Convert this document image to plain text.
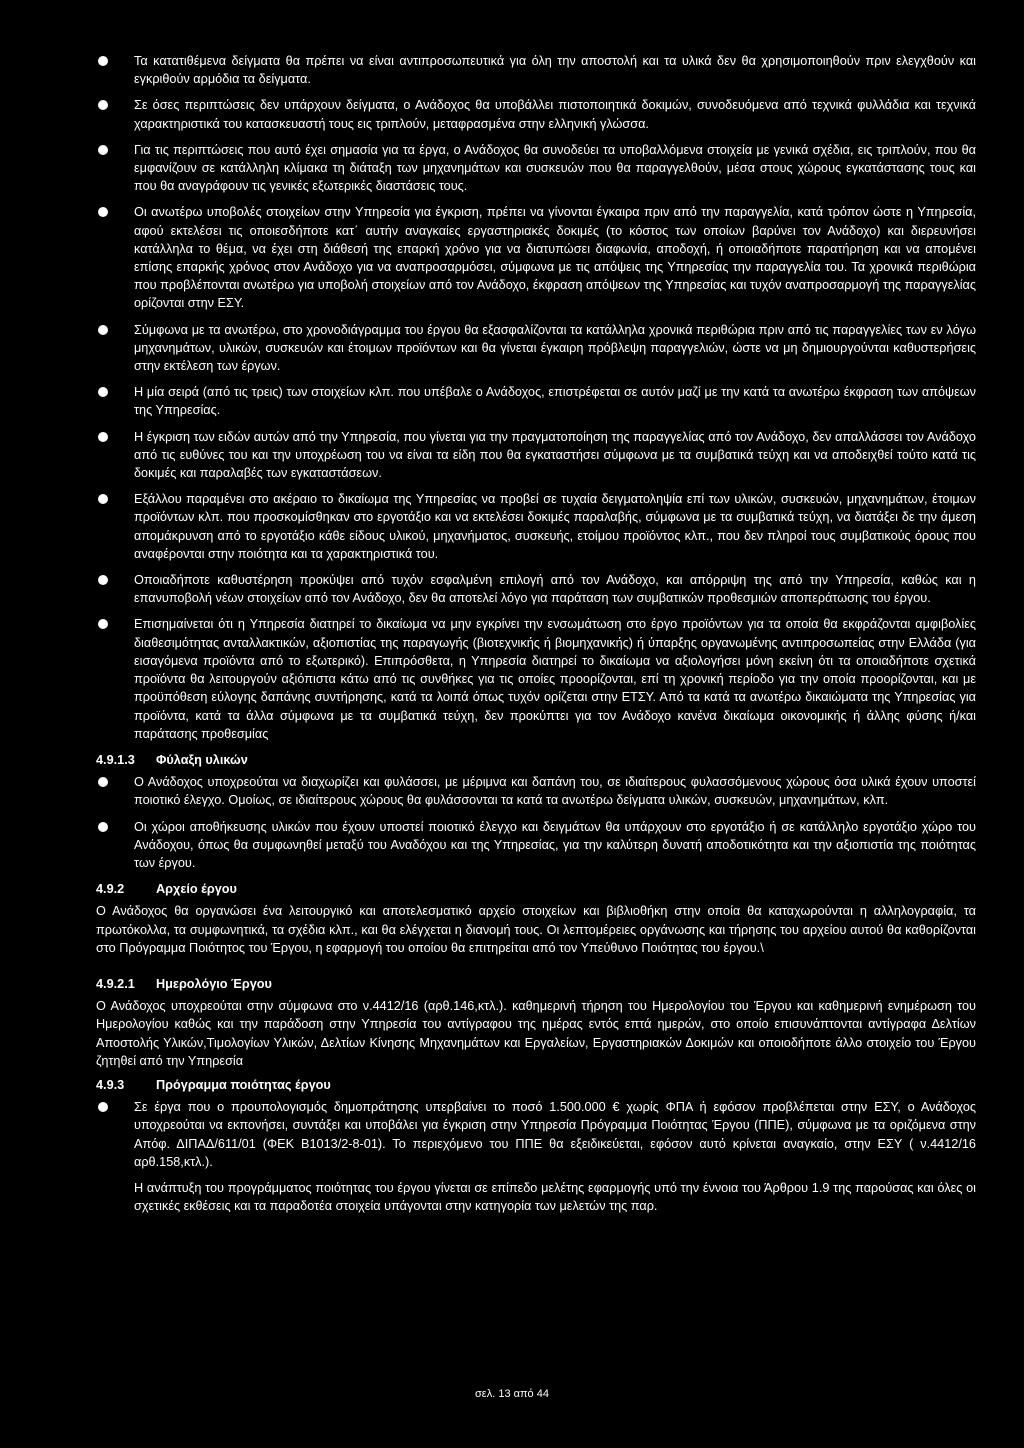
Τα κατατιθέμενα δείγματα θα πρέπει να είναι αντιπροσωπευτικά για όλη την αποστολή και τα υλικά δεν θα χρησιμοποιηθούν πριν ελεγχθούν και εγκριθούν αρμόδια τα δείγματα.
Σε όσες περιπτώσεις δεν υπάρχουν δείγματα, ο Ανάδοχος θα υποβάλλει πιστοποιητικά δοκιμών, συνοδευόμενα από τεχνικά φυλλάδια και τεχνικά χαρακτηριστικά του κατασκευαστή τους εις τριπλούν, μεταφρασμένα στην ελληνική γλώσσα.
Για τις περιπτώσεις που αυτό έχει σημασία για τα έργα, ο Ανάδοχος θα συνοδεύει τα υποβαλλόμενα στοιχεία με γενικά σχέδια, εις τριπλούν, που θα εμφανίζουν σε κατάλληλη κλίμακα τη διάταξη των μηχανημάτων και συσκευών που θα παραγγελθούν, μέσα στους χώρους εγκατάστασης τους και που θα αναγράφουν τις γενικές εξωτερικές διαστάσεις τους.
Οι ανωτέρω υποβολές στοιχείων στην Υπηρεσία για έγκριση, πρέπει να γίνονται έγκαιρα πριν από την παραγγελία, κατά τρόπον ώστε η Υπηρεσία, αφού εκτελέσει τις οποιεσδήποτε κατ΄ αυτήν αναγκαίες εργαστηριακές δοκιμές (το κόστος των οποίων βαρύνει τον Ανάδοχο) και διερευνήσει κατάλληλα το θέμα, να έχει στη διάθεσή της επαρκή χρόνο για να διατυπώσει διαφωνία, αποδοχή, ή οποιαδήποτε παρατήρηση και να απομένει επίσης επαρκής χρόνος στον Ανάδοχο για να αναπροσαρμόσει, σύμφωνα με τις απόψεις της Υπηρεσίας την παραγγελία του. Τα χρονικά περιθώρια που προβλέπονται ανωτέρω για υποβολή στοιχείων από τον Ανάδοχο, έκφραση απόψεων της Υπηρεσίας και τυχόν αναπροσαρμογή της παραγγελίας ορίζονται στην ΕΣΥ.
Σύμφωνα με τα ανωτέρω, στο χρονοδιάγραμμα του έργου θα εξασφαλίζονται τα κατάλληλα χρονικά περιθώρια πριν από τις παραγγελίες των εν λόγω μηχανημάτων, υλικών, συσκευών και έτοιμων προϊόντων και θα γίνεται έγκαιρη πρόβλεψη παραγγελιών, ώστε να μη δημιουργούνται καθυστερήσεις στην εκτέλεση των έργων.
Η μία σειρά (από τις τρεις) των στοιχείων κλπ. που υπέβαλε ο Ανάδοχος, επιστρέφεται σε αυτόν μαζί με την κατά τα ανωτέρω έκφραση των απόψεων της Υπηρεσίας.
Η έγκριση των ειδών αυτών από την Υπηρεσία, που γίνεται για την πραγματοποίηση της παραγγελίας από τον Ανάδοχο, δεν απαλλάσσει τον Ανάδοχο από τις ευθύνες του και την υποχρέωση του να είναι τα είδη που θα εγκαταστήσει σύμφωνα με τα συμβατικά τεύχη και να αποδειχθεί τούτο κατά τις δοκιμές και παραλαβές των εγκαταστάσεων.
Εξάλλου παραμένει στο ακέραιο το δικαίωμα της Υπηρεσίας να προβεί σε τυχαία δειγματοληψία επί των υλικών, συσκευών, μηχανημάτων, έτοιμων προϊόντων κλπ. που προσκομίσθηκαν στο εργοτάξιο και να εκτελέσει δοκιμές παραλαβής, σύμφωνα με τα συμβατικά τεύχη, να διατάξει δε την άμεση απομάκρυνση από το εργοτάξιο κάθε είδους υλικού, μηχανήματος, συσκευής, ετοίμου προϊόντος κλπ., που δεν πληροί τους συμβατικούς όρους που αναφέρονται στην ποιότητα και τα χαρακτηριστικά του.
Οποιαδήποτε καθυστέρηση προκύψει από τυχόν εσφαλμένη επιλογή από τον Ανάδοχο, και απόρριψη της από την Υπηρεσία, καθώς και η επανυποβολή νέων στοιχείων από τον Ανάδοχο, δεν θα αποτελεί λόγο για παράταση των συμβατικών προθεσμιών αποπεράτωσης του έργου.
Επισημαίνεται ότι η Υπηρεσία διατηρεί το δικαίωμα να μην εγκρίνει την ενσωμάτωση στο έργο προϊόντων για τα οποία θα εκφράζονται αμφιβολίες διαθεσιμότητας ανταλλακτικών, αξιοπιστίας της παραγωγής (βιοτεχνικής ή βιομηχανικής) ή ύπαρξης οργανωμένης αντιπροσωπείας στην Ελλάδα (για εισαγόμενα προϊόντα από το εξωτερικό). Επιπρόσθετα, η Υπηρεσία διατηρεί το δικαίωμα να αξιολογήσει μόνη εκείνη ότι τα οποιαδήποτε σχετικά προϊόντα θα λειτουργούν αξιόπιστα κάτω από τις συνθήκες για τις οποίες προορίζονται, επί τη χρονική περίοδο για την οποία προορίζονται, και με προϋπόθεση εύλογης δαπάνης συντήρησης, κατά τα λοιπά όπως τυχόν ορίζεται στην ΕΤΣΥ. Από τα κατά τα ανωτέρω δικαιώματα της Υπηρεσίας για προϊόντα, κατά τα άλλα σύμφωνα με τα συμβατικά τεύχη, δεν προκύπτει για τον Ανάδοχο κανένα δικαίωμα οικονομικής ή άλλης φύσης ή/και παράτασης προθεσμίας
4.9.1.3 Φύλαξη υλικών
Ο Ανάδοχος υποχρεούται να διαχωρίζει και φυλάσσει, με μέριμνα και δαπάνη του, σε ιδιαίτερους φυλασσόμενους χώρους όσα υλικά έχουν υποστεί ποιοτικό έλεγχο. Ομοίως, σε ιδιαίτερους χώρους θα φυλάσσονται τα κατά τα ανωτέρω δείγματα υλικών, συσκευών, μηχανημάτων, κλπ.
Οι χώροι αποθήκευσης υλικών που έχουν υποστεί ποιοτικό έλεγχο και δειγμάτων θα υπάρχουν στο εργοτάξιο ή σε κατάλληλο εργοτάξιο χώρο του Ανάδοχου, όπως θα συμφωνηθεί μεταξύ του Αναδόχου και της Υπηρεσίας, για την καλύτερη δυνατή αποδοτικότητα και την αξιοπιστία της ποιότητας των έργου.
4.9.2	Αρχείο έργου
Ο Ανάδοχος θα οργανώσει ένα λειτουργικό και αποτελεσματικό αρχείο στοιχείων και βιβλιοθήκη στην οποία θα καταχωρούνται η αλληλογραφία, τα πρωτόκολλα, τα συμφωνητικά, τα σχέδια κλπ., και θα ελέγχεται η διανομή τους. Οι λεπτομέρειες οργάνωσης και τήρησης του αρχείου αυτού θα καθορίζονται στο Πρόγραμμα Ποιότητος του Έργου, η εφαρμογή του οποίου θα επιτηρείται από τον Υπεύθυνο Ποιότητας του έργου.\
4.9.2.1 Ημερολόγιο Έργου
Ο Ανάδοχος υποχρεούται στην σύμφωνα στο ν.4412/16 (αρθ.146,κτλ.). καθημερινή τήρηση του Ημερολογίου του Έργου και καθημερινή ενημέρωση του Ημερολογίου καθώς και την παράδοση στην Υπηρεσία του αντίγραφου της ημέρας εντός επτά ημερών, στο οποίο επισυνάπτονται αντίγραφα Δελτίων Αποστολής Υλικών,Τιμολογίων Υλικών, Δελτίων Κίνησης Μηχανημάτων και Εργαλείων, Εργαστηριακών Δοκιμών και οποιοδήποτε άλλο στοιχείο του Έργου ζητηθεί από την Υπηρεσία
4.9.3	Πρόγραμμα ποιότητας έργου
Σε έργα που ο προυπολογισμός δημοπράτησης υπερβαίνει το ποσό 1.500.000 € χωρίς ΦΠΑ ή εφόσον προβλέπεται στην ΕΣΥ, ο Ανάδοχος υποχρεούται να εκπονήσει, συντάξει και υποβάλει για έγκριση στην Υπηρεσία Πρόγραμμα Ποιότητας Έργου (ΠΠΕ), σύμφωνα με τα οριζόμενα στην Απόφ. ΔΙΠΑΔ/611/01 (ΦΕΚ Β1013/2-8-01). Το περιεχόμενο του ΠΠΕ θα εξειδικεύεται, εφόσον αυτό κρίνεται αναγκαίο, στην ΕΣΥ ( ν.4412/16 αρθ.158,κτλ.).
Η ανάπτυξη του προγράμματος ποιότητας του έργου γίνεται σε επίπεδο μελέτης εφαρμογής υπό την έννοια του Άρθρου 1.9 της παρούσας και όλες οι σχετικές εκθέσεις και τα παραδοτέα στοιχεία υπάγονται στην κατηγορία των μελετών της παρ.
σελ. 13 από 44
